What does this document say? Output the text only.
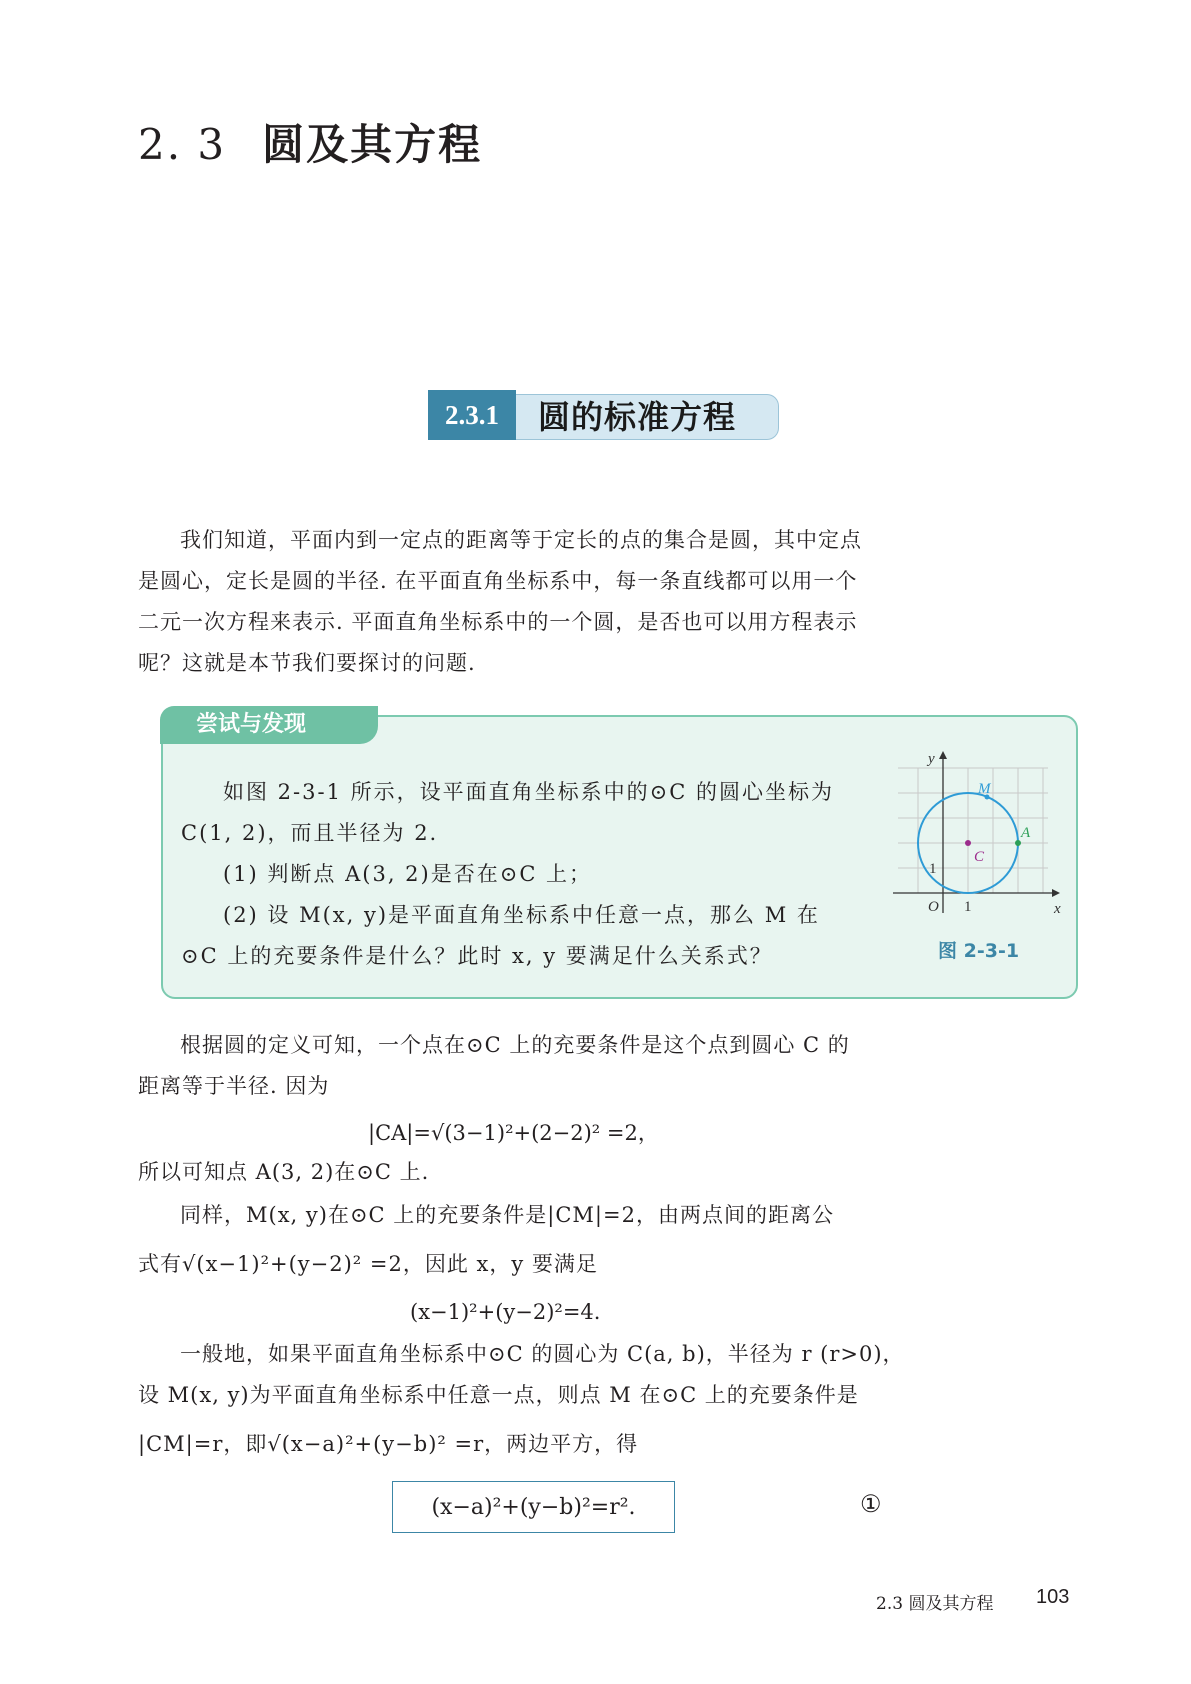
2. 3 圆及其方程
2.3.1	圆的标准方程

我们知道，平面内到一定点的距离等于定长的点的集合是圆，其中定点

是圆心，定长是圆的半径. 在平面直角坐标系中，每一条直线都可以用一个

二元一次方程来表示. 平面直角坐标系中的一个圆，是否也可以用方程表示

呢？这就是本节我们要探讨的问题.

尝试与发现

如图 2-3-1 所示，设平面直角坐标系中的⊙C 的圆心坐标为

C(1, 2)，而且半径为 2.

(1) 判断点 A(3, 2)是否在⊙C 上；

(2) 设 M(x, y)是平面直角坐标系中任意一点，那么 M 在

⊙C 上的充要条件是什么？此时 x, y 要满足什么关系式？

y
x
O 1
1
M
A
C
图 2-3-1

根据圆的定义可知，一个点在⊙C 上的充要条件是这个点到圆心 C 的

距离等于半径. 因为

|CA|=√(3−1)²+(2−2)² =2，

所以可知点 A(3, 2)在⊙C 上.

同样，M(x, y)在⊙C 上的充要条件是|CM|=2，由两点间的距离公

式有√(x−1)²+(y−2)² =2，因此 x，y 要满足

(x−1)²+(y−2)²=4.

一般地，如果平面直角坐标系中⊙C 的圆心为 C(a, b)，半径为 r (r>0)，

设 M(x, y)为平面直角坐标系中任意一点，则点 M 在⊙C 上的充要条件是

|CM|=r，即√(x−a)²+(y−b)² =r，两边平方，得

(x−a)²+(y−b)²=r².	①
2.3 圆及其方程 103
